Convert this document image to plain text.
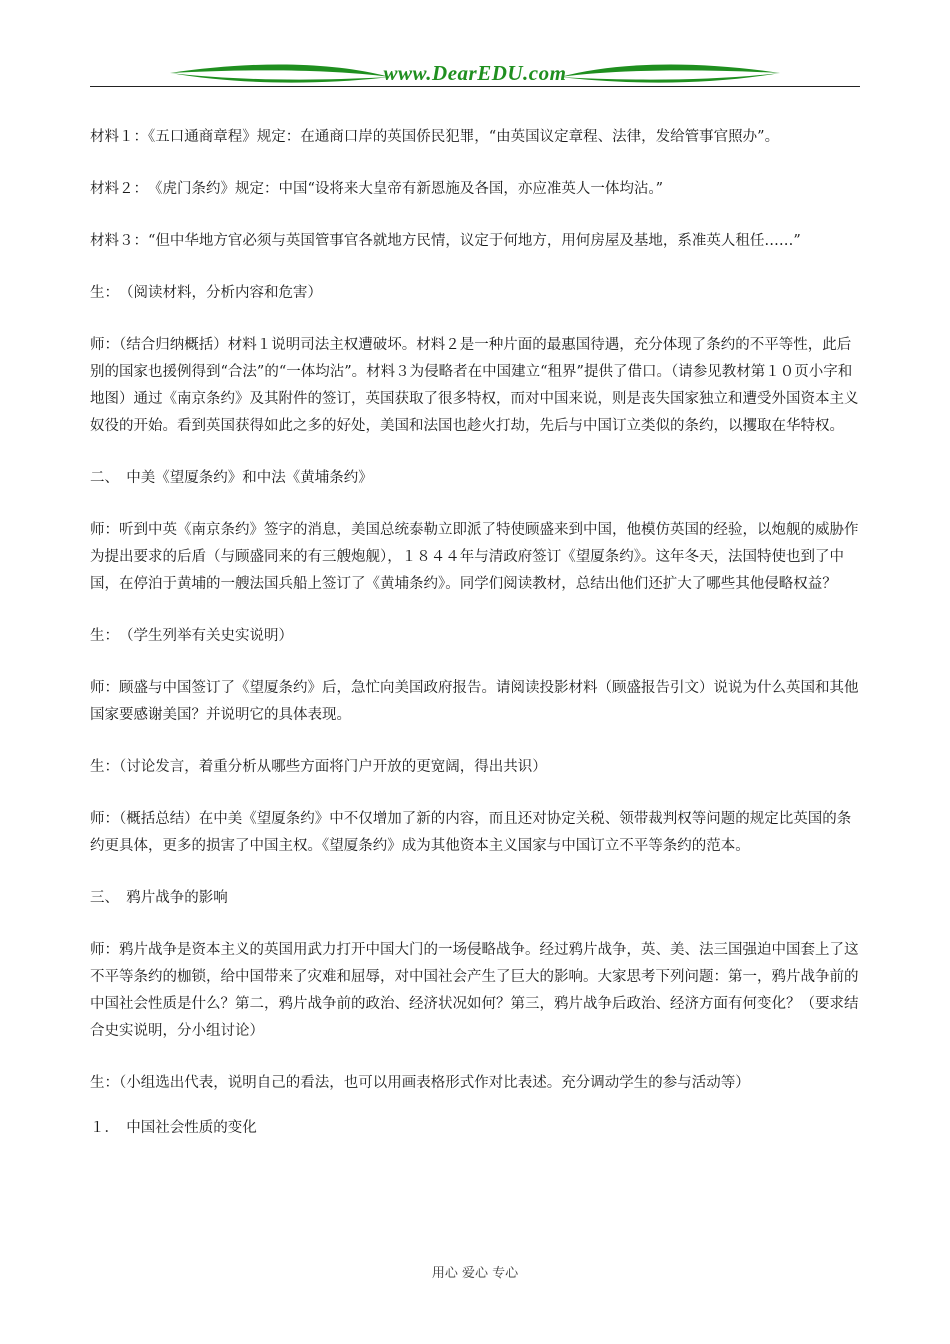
www.DearEDU.com

材料１：《五口通商章程》规定：在通商口岸的英国侨民犯罪，“由英国议定章程、法律，发给管事官照办”。

材料２：　《虎门条约》规定：中国“设将来大皇帝有新恩施及各国，亦应准英人一体均沾。”

材料３：“但中华地方官必须与英国管事官各就地方民情，议定于何地方，用何房屋及基地，系准英人租任……”

生：　（阅读材料，分析内容和危害）

师：（结合归纳概括）材料１说明司法主权遭破坏。材料２是一种片面的最惠国待遇，充分体现了条约的不平等性，此后别的国家也援例得到“合法”的“一体均沾”。材料３为侵略者在中国建立“租界”提供了借口。（请参见教材第１０页小字和地图）通过《南京条约》及其附件的签订，英国获取了很多特权，而对中国来说，则是丧失国家独立和遭受外国资本主义奴役的开始。看到英国获得如此之多的好处，美国和法国也趁火打劫，先后与中国订立类似的条约，以攫取在华特权。

二、　中美《望厦条约》和中法《黄埔条约》

师：听到中英《南京条约》签字的消息，美国总统泰勒立即派了特使顾盛来到中国，他模仿英国的经验，以炮舰的威胁作为提出要求的后盾（与顾盛同来的有三艘炮舰），１８４４年与清政府签订《望厦条约》。这年冬天，法国特使也到了中国，在停泊于黄埔的一艘法国兵船上签订了《黄埔条约》。同学们阅读教材，总结出他们还扩大了哪些其他侵略权益？

生：　（学生列举有关史实说明）

师：顾盛与中国签订了《望厦条约》后，急忙向美国政府报告。请阅读投影材料（顾盛报告引文）说说为什么英国和其他国家要感谢美国？并说明它的具体表现。

生：（讨论发言，着重分析从哪些方面将门户开放的更宽阔，得出共识）

师：（概括总结）在中美《望厦条约》中不仅增加了新的内容，而且还对协定关税、领带裁判权等问题的规定比英国的条约更具体，更多的损害了中国主权。《望厦条约》成为其他资本主义国家与中国订立不平等条约的范本。

三、　鸦片战争的影响

师：鸦片战争是资本主义的英国用武力打开中国大门的一场侵略战争。经过鸦片战争，英、美、法三国强迫中国套上了这不平等条约的枷锁，给中国带来了灾难和屈辱，对中国社会产生了巨大的影响。大家思考下列问题：第一，鸦片战争前的中国社会性质是什么？第二，鸦片战争前的政治、经济状况如何？第三，鸦片战争后政治、经济方面有何变化？（要求结合史实说明，分小组讨论）

生：（小组选出代表，说明自己的看法，也可以用画表格形式作对比表述。充分调动学生的参与活动等）

１．　中国社会性质的变化

用心 爱心 专心
